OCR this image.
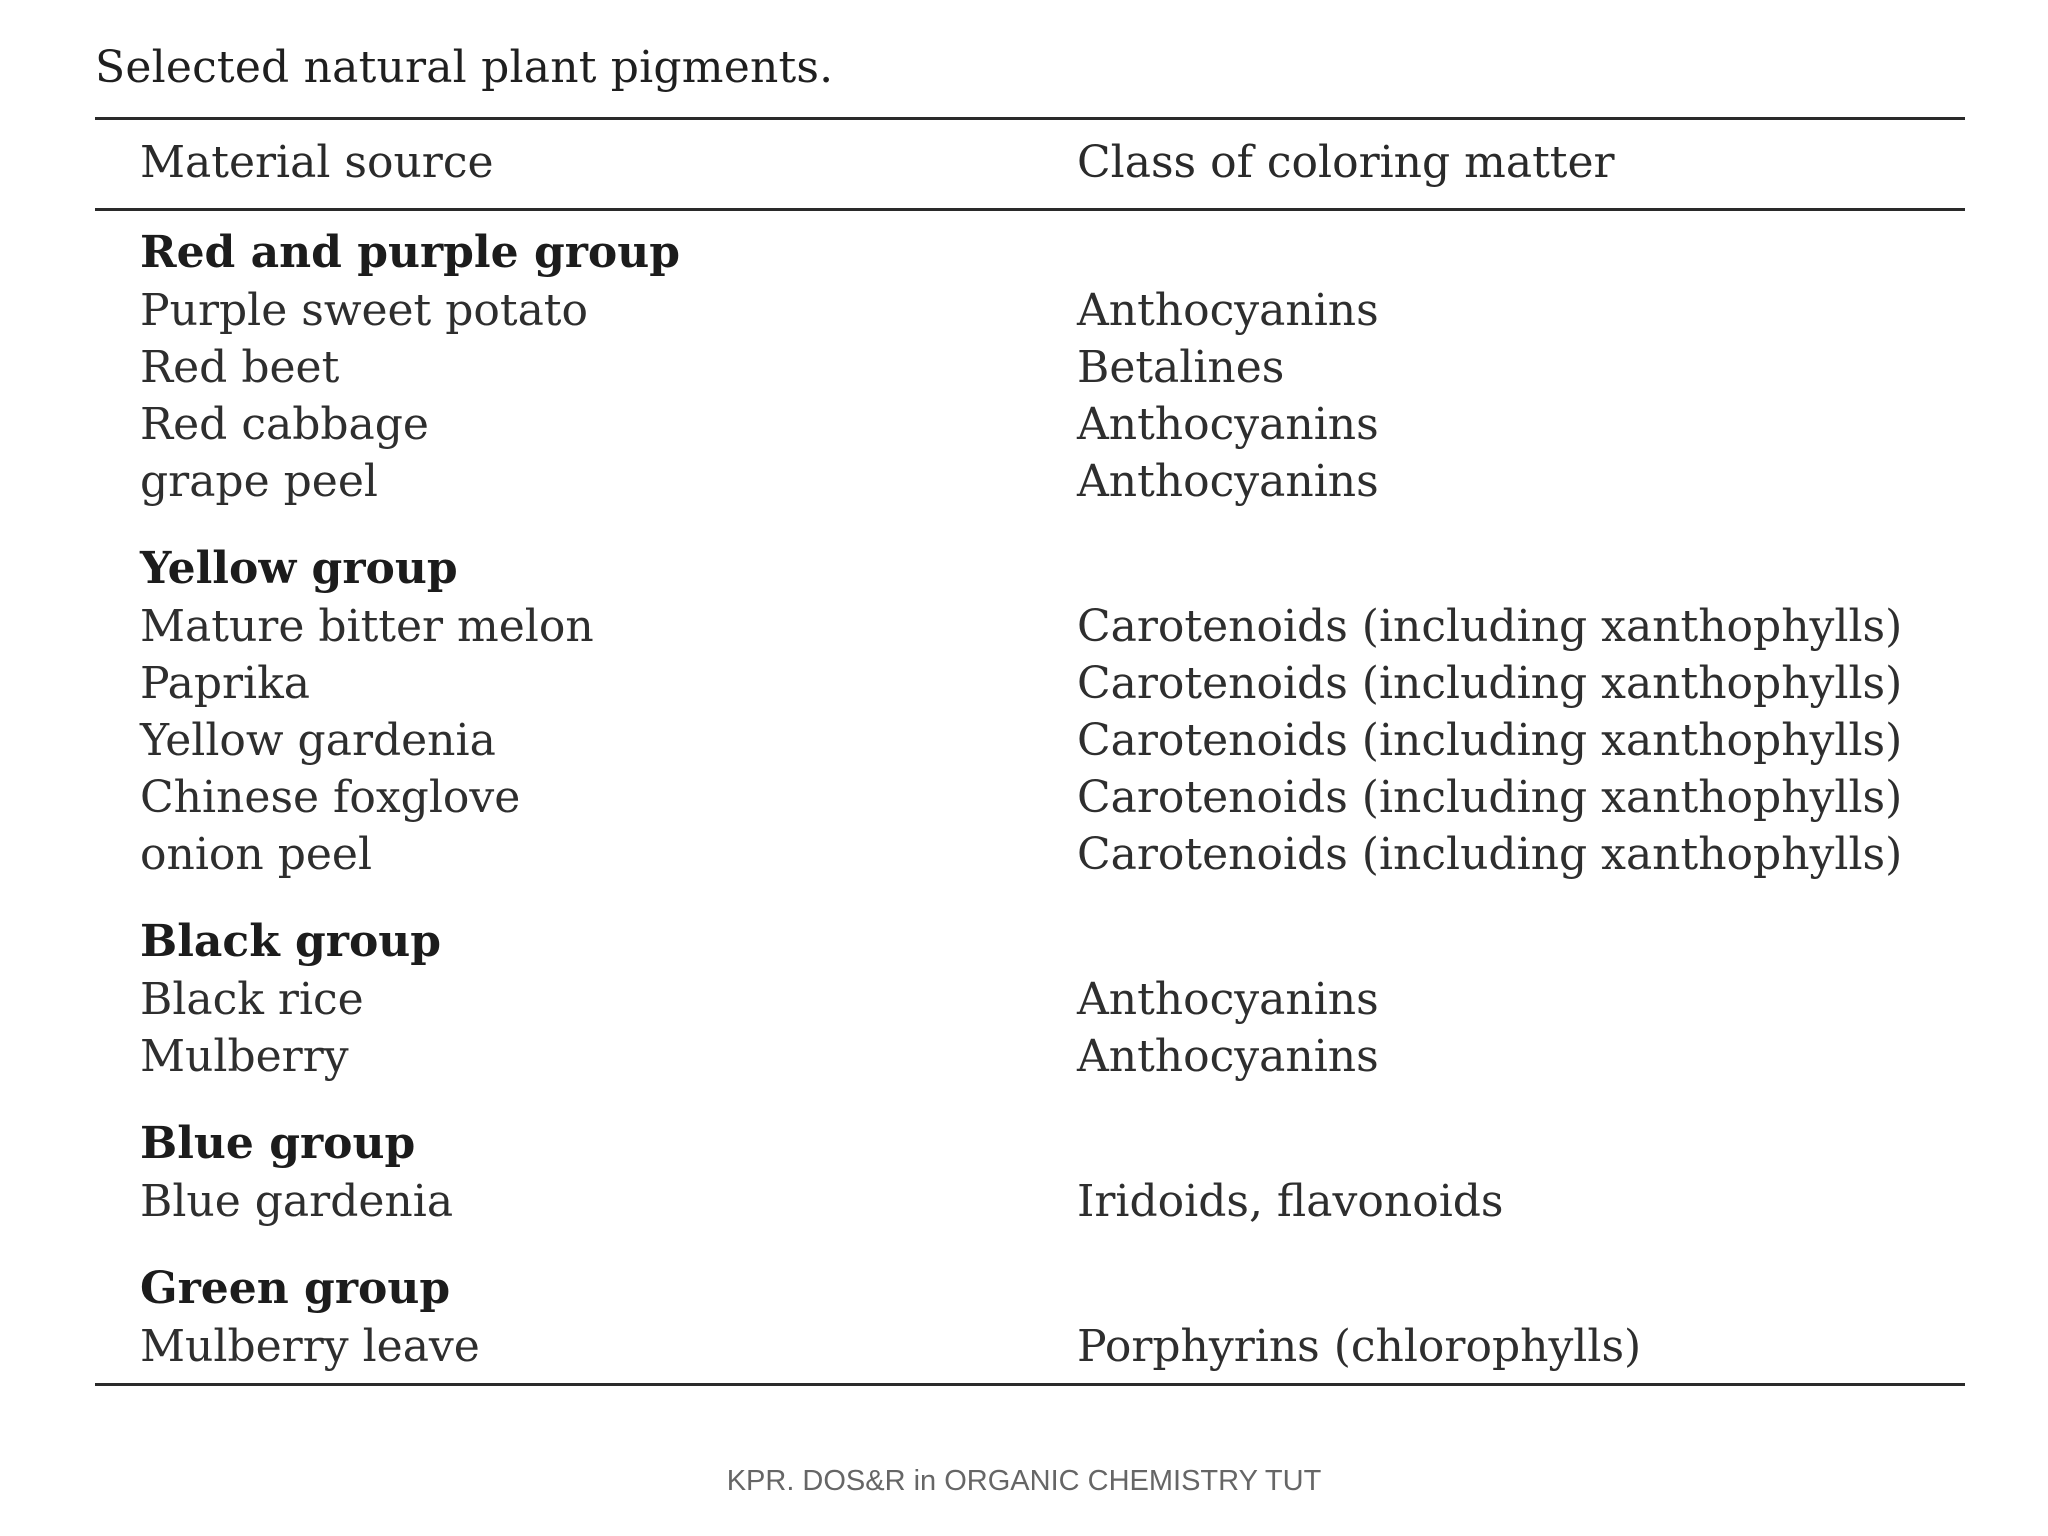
Selected natural plant pigments.
Material source	Class of coloring matter
Red and purple group
Purple sweet potato	Anthocyanins
Red beet	Betalines
Red cabbage	Anthocyanins
grape peel	Anthocyanins
Yellow group
Mature bitter melon	Carotenoids (including xanthophylls)
Paprika	Carotenoids (including xanthophylls)
Yellow gardenia	Carotenoids (including xanthophylls)
Chinese foxglove	Carotenoids (including xanthophylls)
onion peel	Carotenoids (including xanthophylls)
Black group
Black rice	Anthocyanins
Mulberry	Anthocyanins
Blue group
Blue gardenia	Iridoids, flavonoids
Green group
Mulberry leave	Porphyrins (chlorophylls)
KPR. DOS&R in ORGANIC CHEMISTRY TUT
